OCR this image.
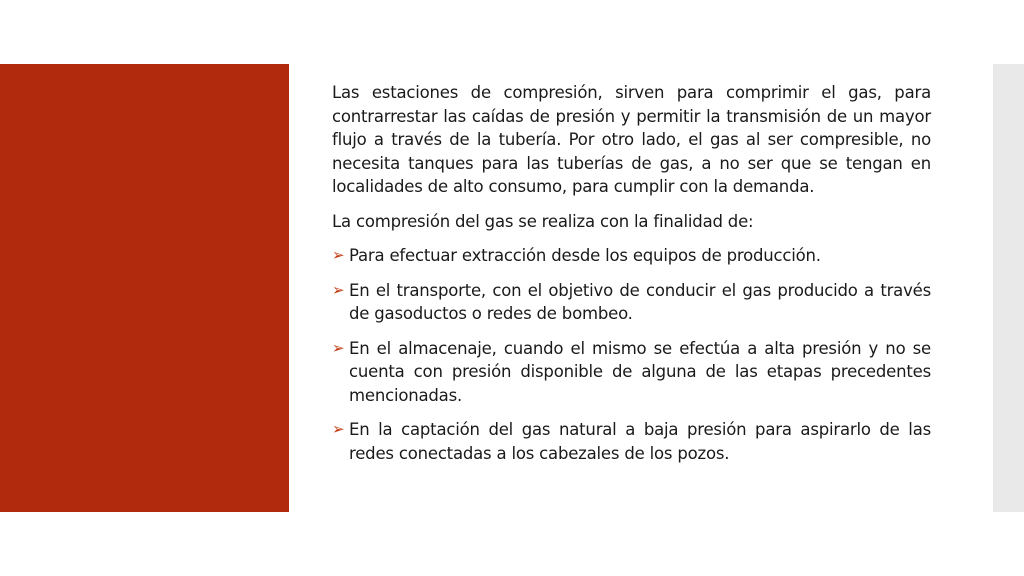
Las estaciones de compresión, sirven para comprimir el gas, para contrarrestar las caídas de presión y permitir la transmisión de un mayor flujo a través de la tubería. Por otro lado, el gas al ser compresible, no necesita tanques para las tuberías de gas, a no ser que se tengan en localidades de alto consumo, para cumplir con la demanda.

La compresión del gas se realiza con la finalidad de:

➢ Para efectuar extracción desde los equipos de producción.
➢ En el transporte, con el objetivo de conducir el gas producido a través de gasoductos o redes de bombeo.
➢ En el almacenaje, cuando el mismo se efectúa a alta presión y no se cuenta con presión disponible de alguna de las etapas precedentes mencionadas.
➢ En la captación del gas natural a baja presión para aspirarlo de las redes conectadas a los cabezales de los pozos.
